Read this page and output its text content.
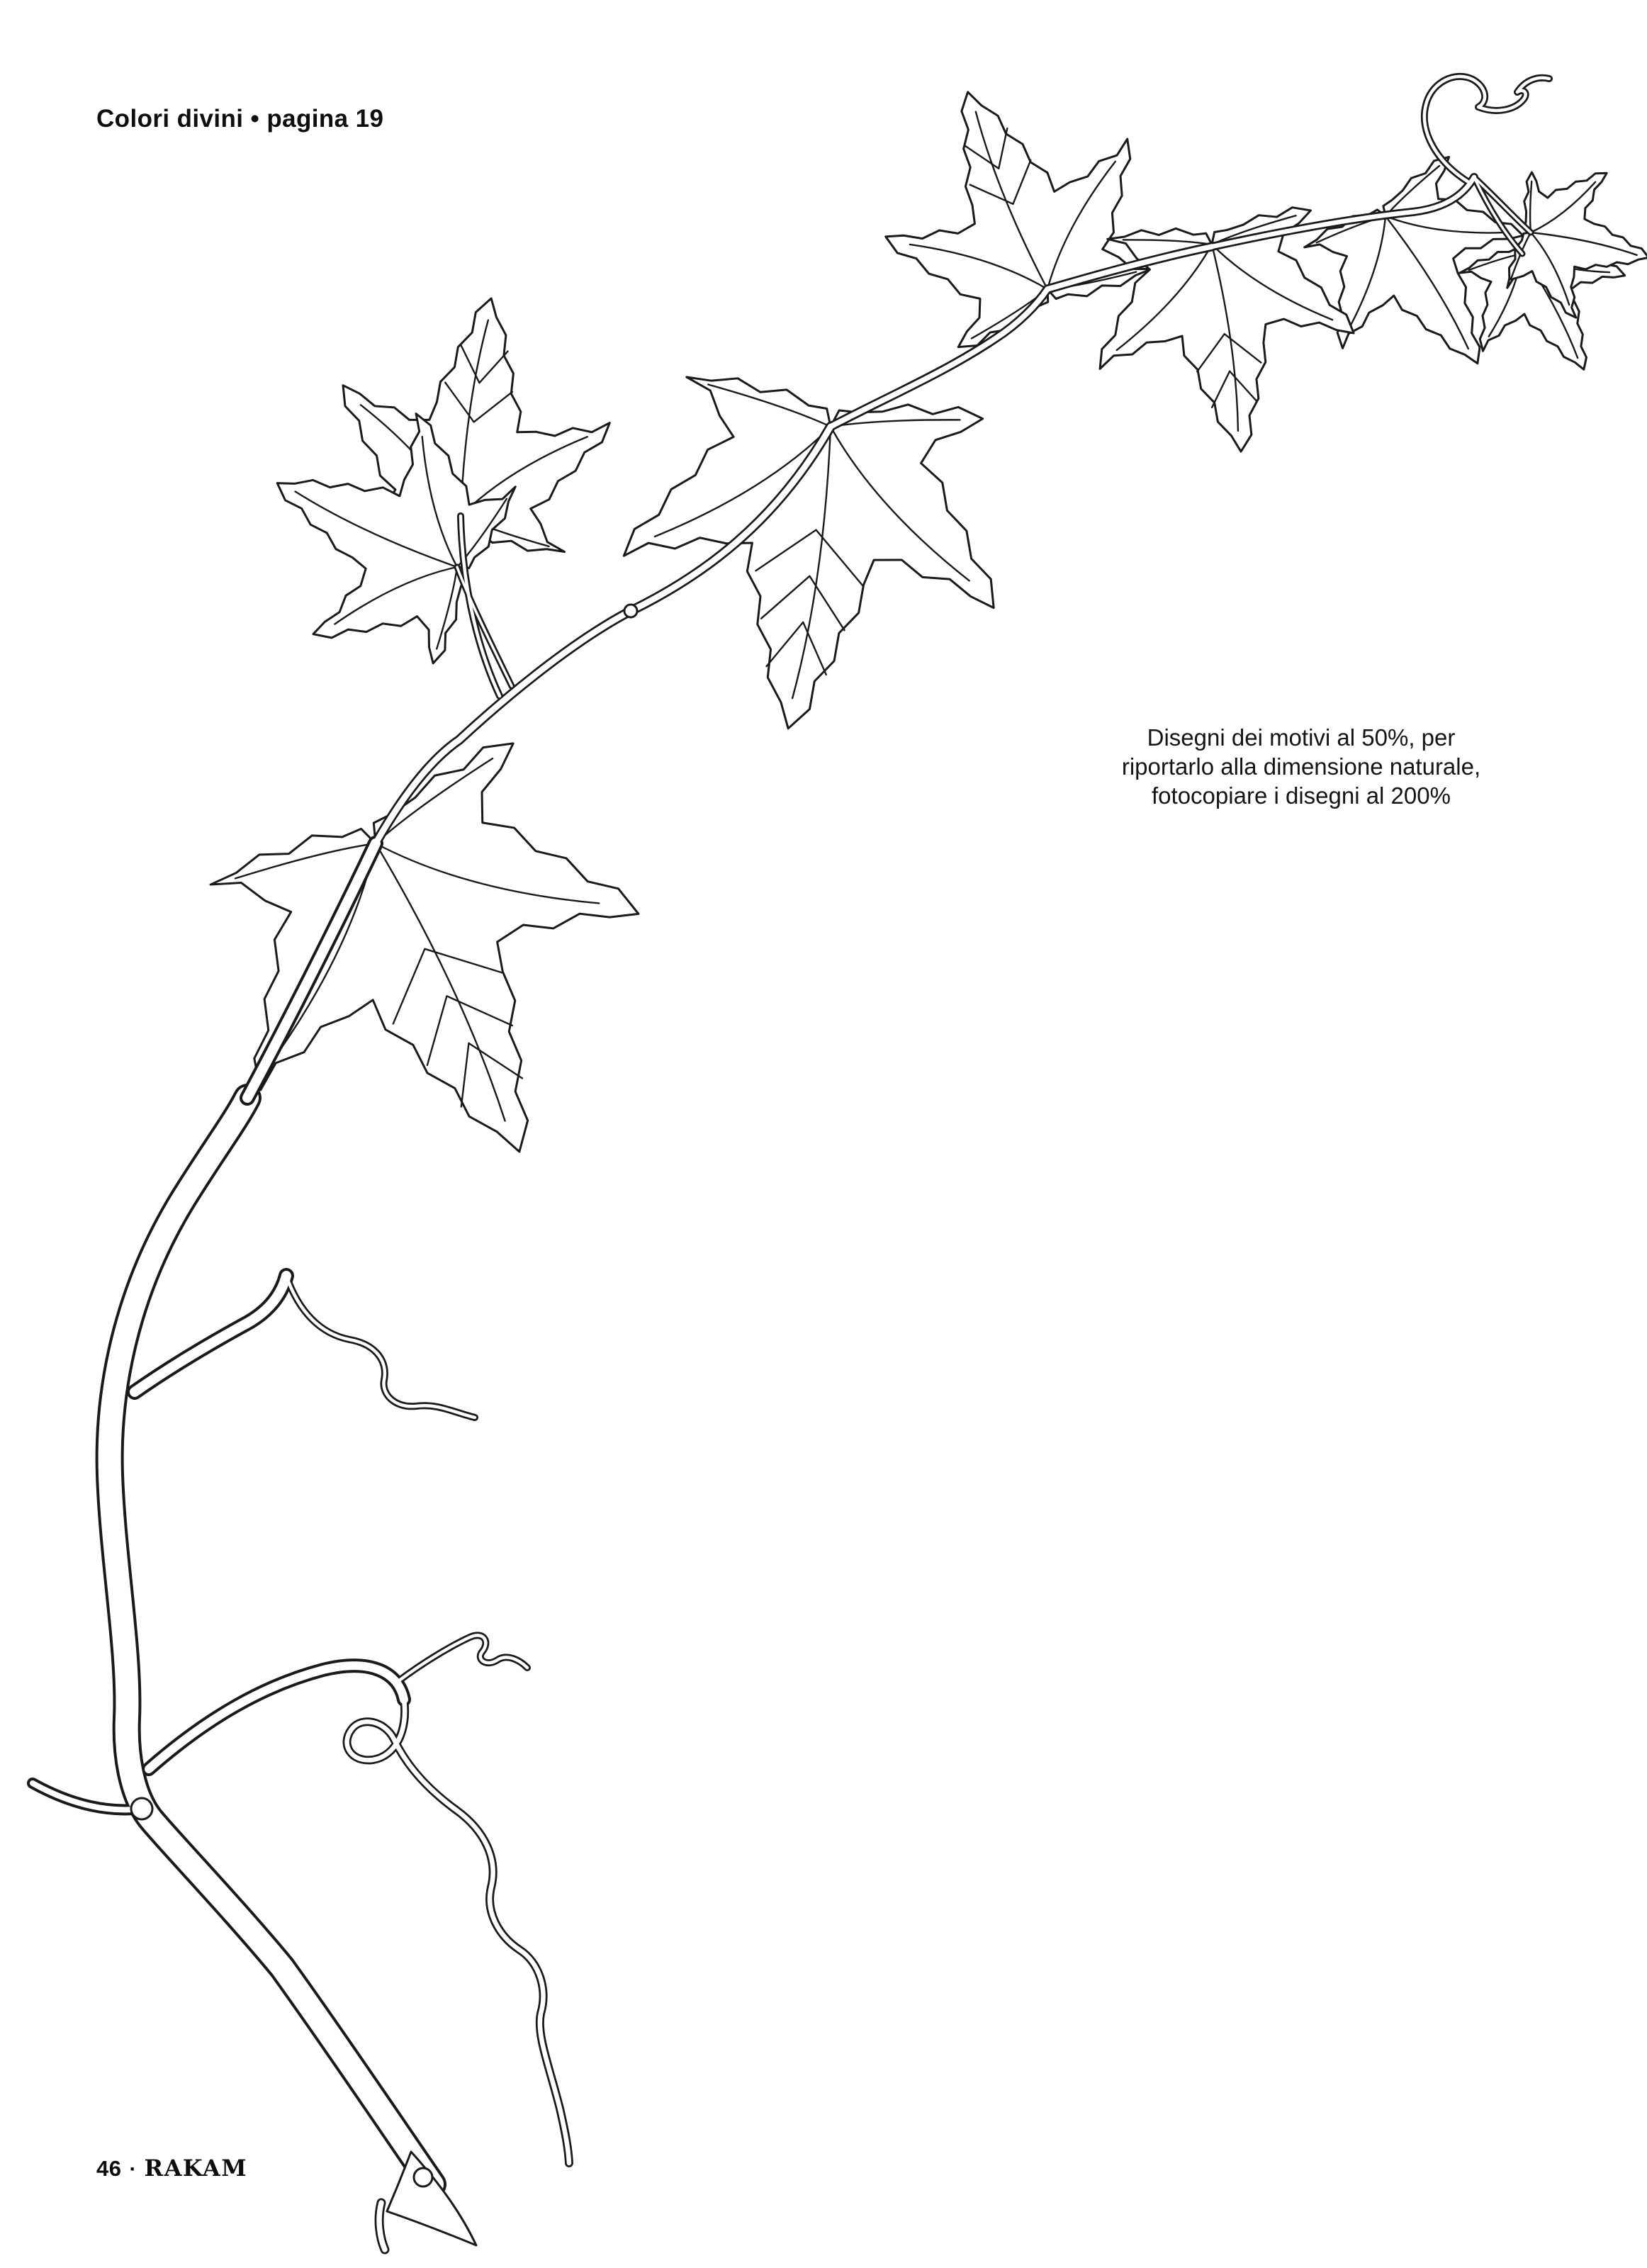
Colori divini • pagina 19
Disegni dei motivi al 50%, per
riportarlo alla dimensione naturale,
fotocopiare i disegni al 200%
46 · RAKAM
